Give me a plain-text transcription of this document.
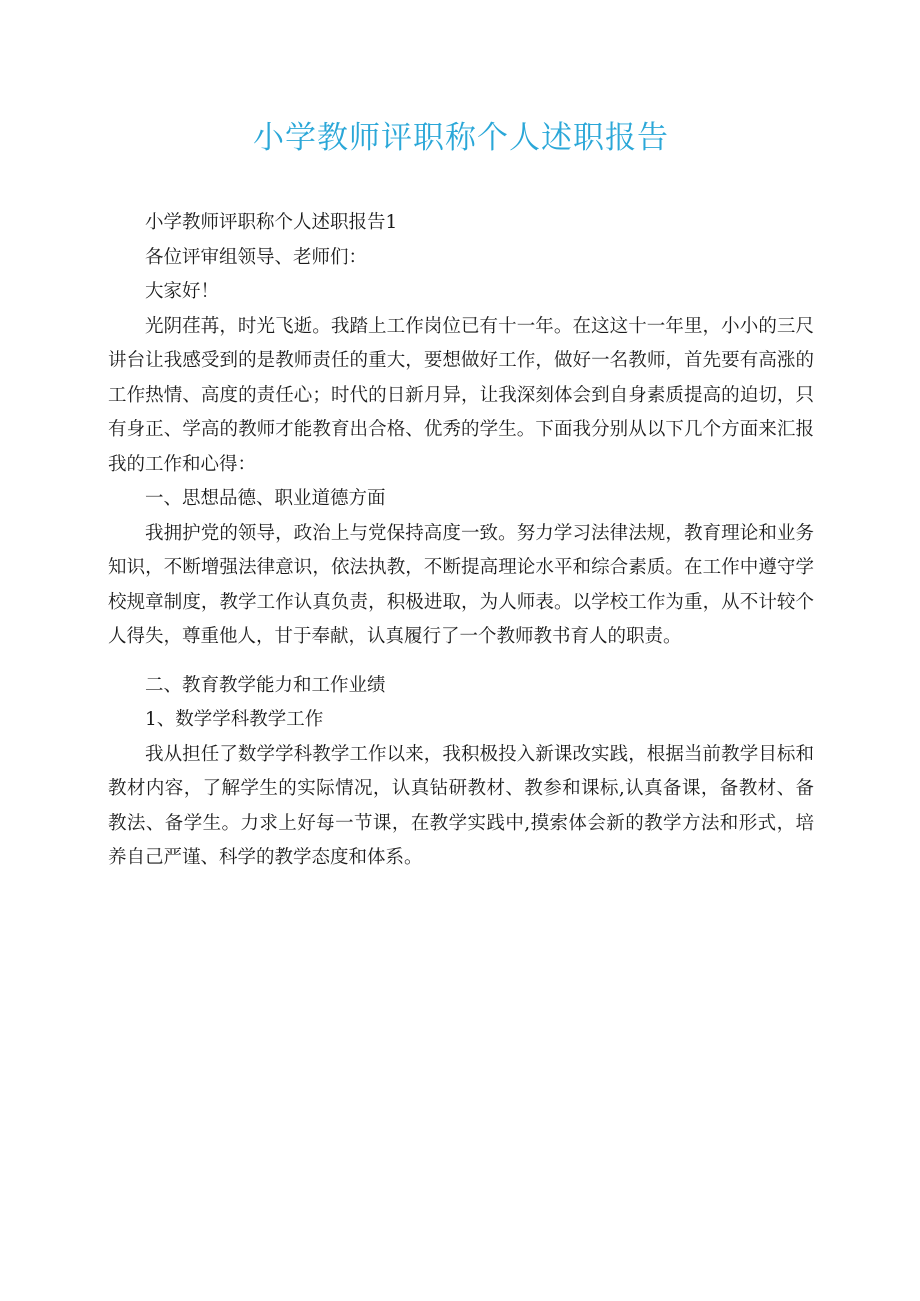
小学教师评职称个人述职报告

小学教师评职称个人述职报告1

各位评审组领导、老师们：

大家好！

光阴荏苒，时光飞逝。我踏上工作岗位已有十一年。在这这十一年里，小小的三尺讲台让我感受到的是教师责任的重大，要想做好工作，做好一名教师，首先要有高涨的工作热情、高度的责任心；时代的日新月异，让我深刻体会到自身素质提高的迫切，只有身正、学高的教师才能教育出合格、优秀的学生。下面我分别从以下几个方面来汇报我的工作和心得：

一、思想品德、职业道德方面

我拥护党的领导，政治上与党保持高度一致。努力学习法律法规，教育理论和业务知识，不断增强法律意识，依法执教，不断提高理论水平和综合素质。在工作中遵守学校规章制度，教学工作认真负责，积极进取，为人师表。以学校工作为重，从不计较个人得失，尊重他人，甘于奉献，认真履行了一个教师教书育人的职责。

二、教育教学能力和工作业绩

1、数学学科教学工作

我从担任了数学学科教学工作以来，我积极投入新课改实践，根据当前教学目标和教材内容，了解学生的实际情况，认真钻研教材、教参和课标,认真备课，备教材、备教法、备学生。力求上好每一节课，在教学实践中,摸索体会新的教学方法和形式，培养自己严谨、科学的教学态度和体系。
